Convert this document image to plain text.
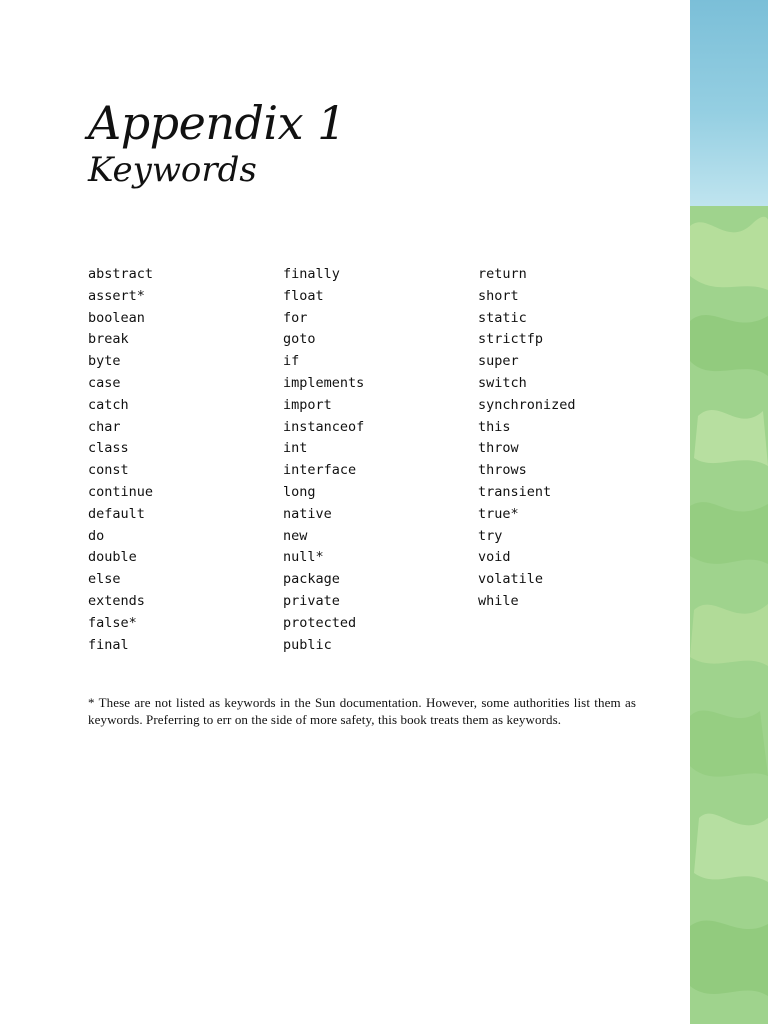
Appendix 1
Keywords
abstract
assert*
boolean
break
byte
case
catch
char
class
const
continue
default
do
double
else
extends
false*
final
finally
float
for
goto
if
implements
import
instanceof
int
interface
long
native
new
null*
package
private
protected
public
return
short
static
strictfp
super
switch
synchronized
this
throw
throws
transient
true*
try
void
volatile
while

* These are not listed as keywords in the Sun documentation. However, some authorities list them as keywords. Preferring to err on the side of more safety, this book treats them as keywords.
